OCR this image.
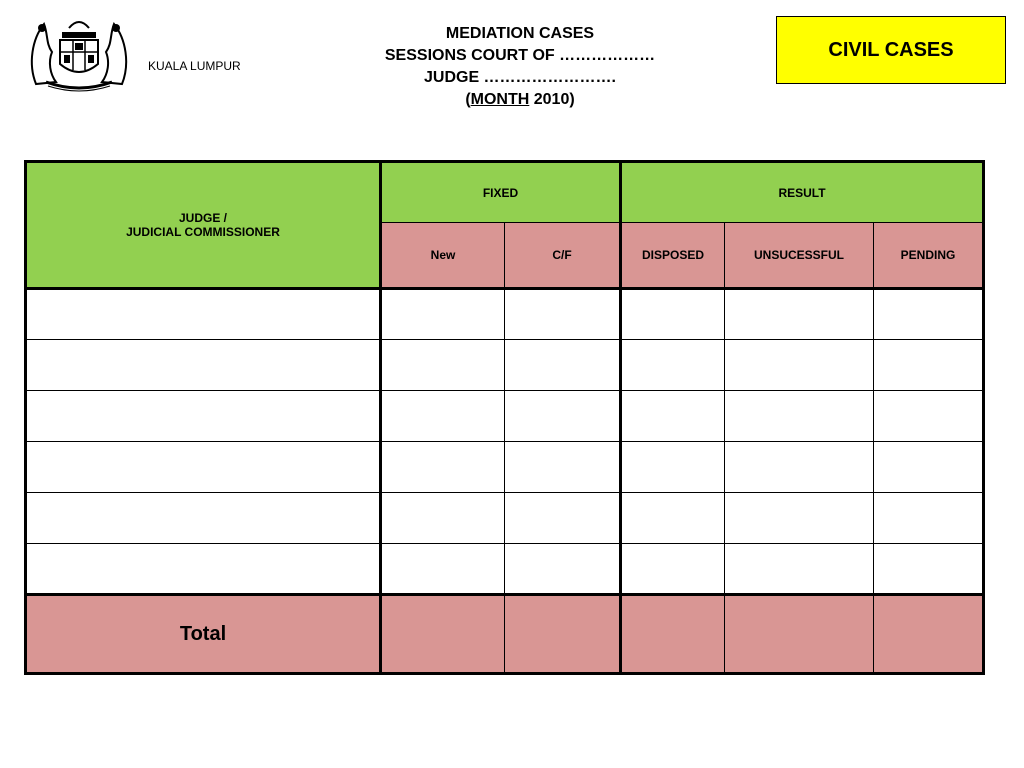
KUALA LUMPUR
MEDIATION CASES
SESSIONS COURT OF ………………
JUDGE …………………….
(MONTH 2010)
CIVIL CASES
JUDGE /
JUDICIAL COMMISSIONER	FIXED		RESULT		
	New	C/F	DISPOSED	UNSUCESSFUL	PENDING

Total					
